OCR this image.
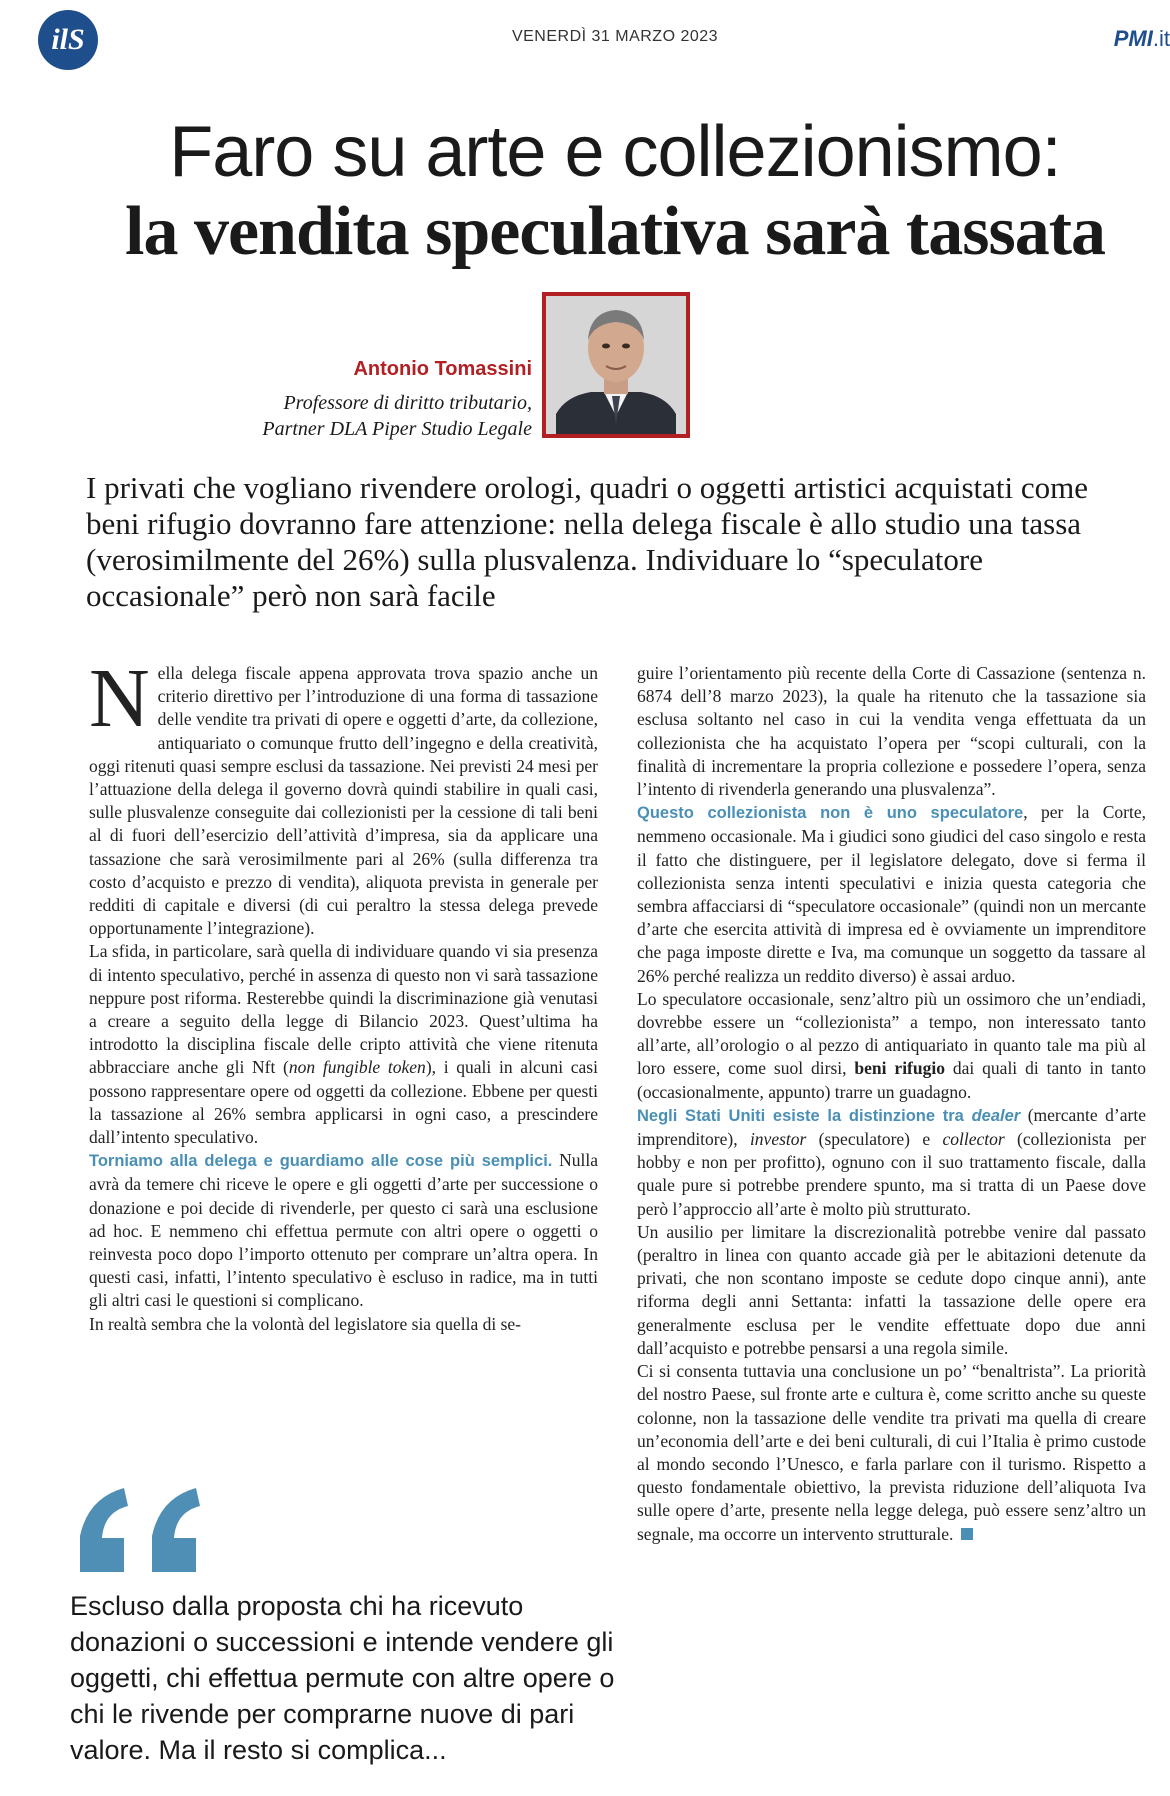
ilS	VENERDÌ 31 MARZO 2023	PMI.it
Faro su arte e collezionismo:
la vendita speculativa sarà tassata
Antonio Tomassini
Professore di diritto tributario,
Partner DLA Piper Studio Legale
I privati che vogliano rivendere orologi, quadri o oggetti artistici acquistati come beni rifugio dovranno fare attenzione: nella delega fiscale è allo studio una tassa (verosimilmente del 26%) sulla plusvalenza. Individuare lo “speculatore occasionale” però non sarà facile

Nella delega fiscale appena approvata trova spazio anche un criterio direttivo per l’introduzione di una forma di tassazione delle vendite tra privati di opere e oggetti d’arte, da collezione, antiquariato o comunque frutto dell’ingegno e della creatività, oggi ritenuti quasi sempre esclusi da tassazione. Nei previsti 24 mesi per l’attuazione della delega il governo dovrà quindi stabilire in quali casi, sulle plusvalenze conseguite dai collezionisti per la cessione di tali beni al di fuori dell’esercizio dell’attività d’impresa, sia da applicare una tassazione che sarà verosimilmente pari al 26% (sulla differenza tra costo d’acquisto e prezzo di vendita), aliquota prevista in generale per redditi di capitale e diversi (di cui peraltro la stessa delega prevede opportunamente l’integrazione).

La sfida, in particolare, sarà quella di individuare quando vi sia presenza di intento speculativo, perché in assenza di questo non vi sarà tassazione neppure post riforma. Resterebbe quindi la discriminazione già venutasi a creare a seguito della legge di Bilancio 2023. Quest’ultima ha introdotto la disciplina fiscale delle cripto attività che viene ritenuta abbracciare anche gli Nft (non fungible token), i quali in alcuni casi possono rappresentare opere od oggetti da collezione. Ebbene per questi la tassazione al 26% sembra applicarsi in ogni caso, a prescindere dall’intento speculativo.

Torniamo alla delega e guardiamo alle cose più semplici. Nulla avrà da temere chi riceve le opere e gli oggetti d’arte per successione o donazione e poi decide di rivenderle, per questo ci sarà una esclusione ad hoc. E nemmeno chi effettua permute con altri opere o oggetti o reinvesta poco dopo l’importo ottenuto per comprare un’altra opera. In questi casi, infatti, l’intento speculativo è escluso in radice, ma in tutti gli altri casi le questioni si complicano.

In realtà sembra che la volontà del legislatore sia quella di se-

guire l’orientamento più recente della Corte di Cassazione (sentenza n. 6874 dell’8 marzo 2023), la quale ha ritenuto che la tassazione sia esclusa soltanto nel caso in cui la vendita venga effettuata da un collezionista che ha acquistato l’opera per “scopi culturali, con la finalità di incrementare la propria collezione e possedere l’opera, senza l’intento di rivenderla generando una plusvalenza”.

Questo collezionista non è uno speculatore, per la Corte, nemmeno occasionale. Ma i giudici sono giudici del caso singolo e resta il fatto che distinguere, per il legislatore delegato, dove si ferma il collezionista senza intenti speculativi e inizia questa categoria che sembra affacciarsi di “speculatore occasionale” (quindi non un mercante d’arte che esercita attività di impresa ed è ovviamente un imprenditore che paga imposte dirette e Iva, ma comunque un soggetto da tassare al 26% perché realizza un reddito diverso) è assai arduo.

Lo speculatore occasionale, senz’altro più un ossimoro che un’endiadi, dovrebbe essere un “collezionista” a tempo, non interessato tanto all’arte, all’orologio o al pezzo di antiquariato in quanto tale ma più al loro essere, come suol dirsi, beni rifugio dai quali di tanto in tanto (occasionalmente, appunto) trarre un guadagno.

Negli Stati Uniti esiste la distinzione tra dealer (mercante d’arte imprenditore), investor (speculatore) e collector (collezionista per hobby e non per profitto), ognuno con il suo trattamento fiscale, dalla quale pure si potrebbe prendere spunto, ma si tratta di un Paese dove però l’approccio all’arte è molto più strutturato.

Un ausilio per limitare la discrezionalità potrebbe venire dal passato (peraltro in linea con quanto accade già per le abitazioni detenute da privati, che non scontano imposte se cedute dopo cinque anni), ante riforma degli anni Settanta: infatti la tassazione delle opere era generalmente esclusa per le vendite effettuate dopo due anni dall’acquisto e potrebbe pensarsi a una regola simile.

Ci si consenta tuttavia una conclusione un po’ “benaltrista”. La priorità del nostro Paese, sul fronte arte e cultura è, come scritto anche su queste colonne, non la tassazione delle vendite tra privati ma quella di creare un’economia dell’arte e dei beni culturali, di cui l’Italia è primo custode al mondo secondo l’Unesco, e farla parlare con il turismo. Rispetto a questo fondamentale obiettivo, la prevista riduzione dell’aliquota Iva sulle opere d’arte, presente nella legge delega, può essere senz’altro un segnale, ma occorre un intervento strutturale.

Escluso dalla proposta chi ha ricevuto donazioni o successioni e intende vendere gli oggetti, chi effettua permute con altre opere o chi le rivende per comprarne nuove di pari valore. Ma il resto si complica...
